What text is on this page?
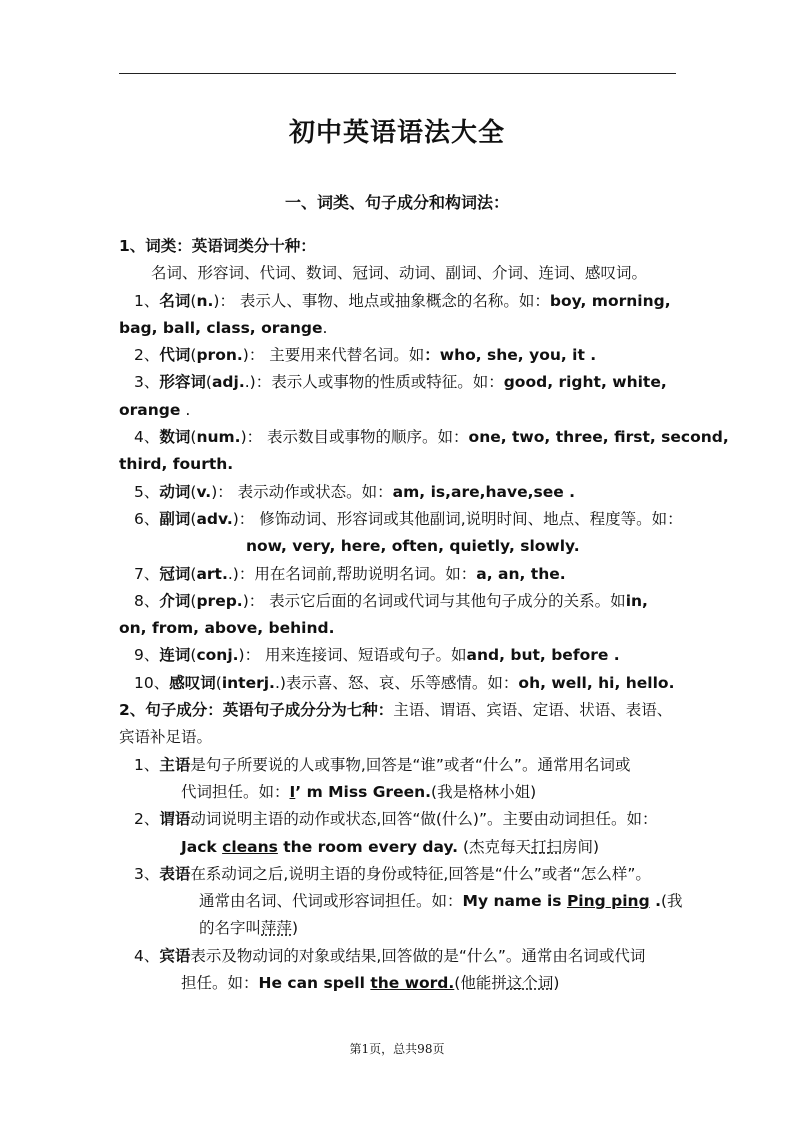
初中英语语法大全
一、词类、句子成分和构词法：
1、词类：英语词类分十种：
名词、形容词、代词、数词、冠词、动词、副词、介词、连词、感叹词。
1、名词(n.)： 表示人、事物、地点或抽象概念的名称。如：boy, morning,
bag, ball, class, orange.
2、代词(pron.)： 主要用来代替名词。如：who, she, you, it .
3、形容词(adj..)：表示人或事物的性质或特征。如：good, right, white,
orange .
4、数词(num.)： 表示数目或事物的顺序。如：one, two, three, first, second,
third, fourth.
5、动词(v.)： 表示动作或状态。如：am, is,are,have,see .
6、副词(adv.)： 修饰动词、形容词或其他副词,说明时间、地点、程度等。如：
now, very, here, often, quietly, slowly.
7、冠词(art..)：用在名词前,帮助说明名词。如：a, an, the.
8、介词(prep.)： 表示它后面的名词或代词与其他句子成分的关系。如in,
on, from, above, behind.
9、连词(conj.)： 用来连接词、短语或句子。如and, but, before .
10、感叹词(interj..)表示喜、怒、哀、乐等感情。如：oh, well, hi, hello.
2、句子成分：英语句子成分分为七种：主语、谓语、宾语、定语、状语、表语、
宾语补足语。
1、主语是句子所要说的人或事物,回答是“谁”或者“什么”。通常用名词或
代词担任。如：I’ m Miss Green.(我是格林小姐)
2、谓语动词说明主语的动作或状态,回答“做(什么)”。主要由动词担任。如：
Jack cleans the room every day. (杰克每天打扫房间)
3、表语在系动词之后,说明主语的身份或特征,回答是“什么”或者“怎么样”。
通常由名词、代词或形容词担任。如：My name is Ping ping .(我
的名字叫萍萍)
4、宾语表示及物动词的对象或结果,回答做的是“什么”。通常由名词或代词
担任。如：He can spell the word.(他能拼这个词)
第1页，总共98页
